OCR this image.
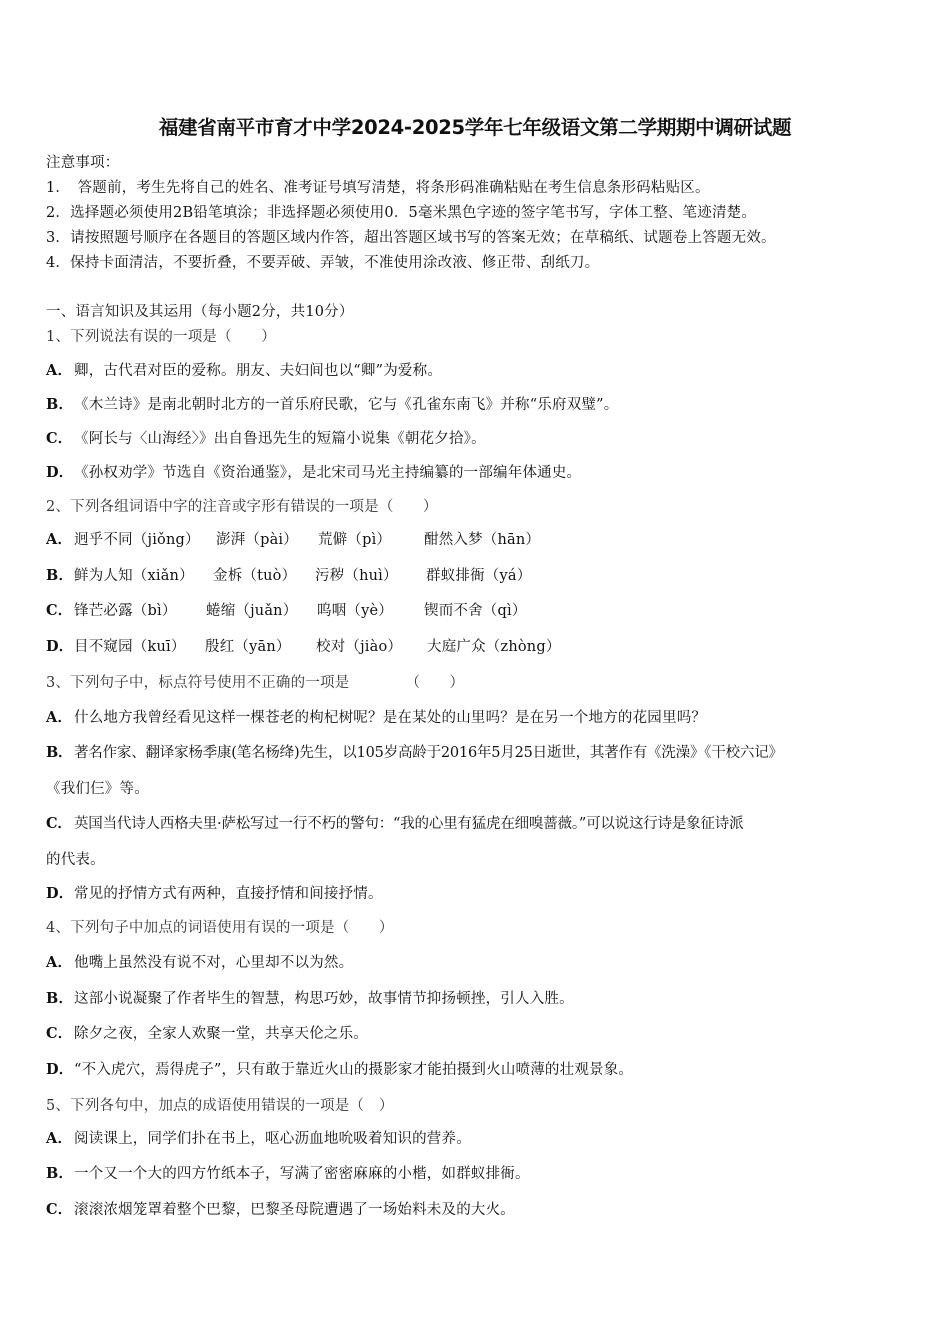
福建省南平市育才中学2024-2025学年七年级语文第二学期期中调研试题
注意事项：
1．　答题前，考生先将自己的姓名、准考证号填写清楚，将条形码准确粘贴在考生信息条形码粘贴区。
2．选择题必须使用2B铅笔填涂；非选择题必须使用0．5毫米黑色字迹的签字笔书写，字体工整、笔迹清楚。
3．请按照题号顺序在各题目的答题区域内作答，超出答题区域书写的答案无效；在草稿纸、试题卷上答题无效。
4．保持卡面清洁，不要折叠，不要弄破、弄皱，不准使用涂改液、修正带、刮纸刀。
一、语言知识及其运用（每小题2分，共10分）
1、下列说法有误的一项是（　　）
A． 卿，古代君对臣的爱称。朋友、夫妇间也以“卿”为爱称。
B．《木兰诗》是南北朝时北方的一首乐府民歌，它与《孔雀东南飞》并称“乐府双璧”。
C． 《阿长与〈山海经〉》出自鲁迅先生的短篇小说集《朝花夕拾》。
D．《孙权劝学》节选自《资治通鉴》，是北宋司马光主持编纂的一部编年体通史。
2、下列各组词语中字的注音或字形有错误的一项是（　　）
A． 迥乎不同（jiǒng） 澎湃（pài） 荒僻（pì） 酣然入梦（hān）
B．鲜为人知（xiǎn） 金柝（tuò） 污秽（huì） 群蚁排衙（yá）
C． 锋芒必露（bì） 蜷缩（juǎn） 呜咽（yè） 锲而不舍（qì）
D．目不窥园（kuī） 殷红（yān） 校对（jiào） 大庭广众（zhòng）
3、下列句子中，标点符号使用不正确的一项是	（　　）
A． 什么地方我曾经看见这样一棵苍老的枸杞树呢？是在某处的山里吗？是在另一个地方的花园里吗？
B． 著名作家、翻译家杨季康(笔名杨绛)先生，以105岁高龄于2016年5月25日逝世，其著作有《洗澡》《干校六记》
《我们仨》等。
C． 英国当代诗人西格夫里·萨松写过一行不朽的警句：“我的心里有猛虎在细嗅蔷薇。”可以说这行诗是象征诗派
的代表。
D．常见的抒情方式有两种，直接抒情和间接抒情。
4、下列句子中加点的词语使用有误的一项是（　　）
A． 他嘴上虽然没有说不对，心里却不以为然。
B．这部小说凝聚了作者毕生的智慧，构思巧妙，故事情节抑扬顿挫，引人入胜。
C． 除夕之夜，全家人欢聚一堂，共享天伦之乐。
D．“不入虎穴，焉得虎子”，只有敢于靠近火山的摄影家才能拍摄到火山喷薄的壮观景象。
5、下列各句中，加点的成语使用错误的一项是（　）
A． 阅读课上，同学们扑在书上，呕心沥血地吮吸着知识的营养。
B．一个又一个大的四方竹纸本子，写满了密密麻麻的小楷，如群蚁排衙。
C． 滚滚浓烟笼罩着整个巴黎，巴黎圣母院遭遇了一场始料未及的大火。
